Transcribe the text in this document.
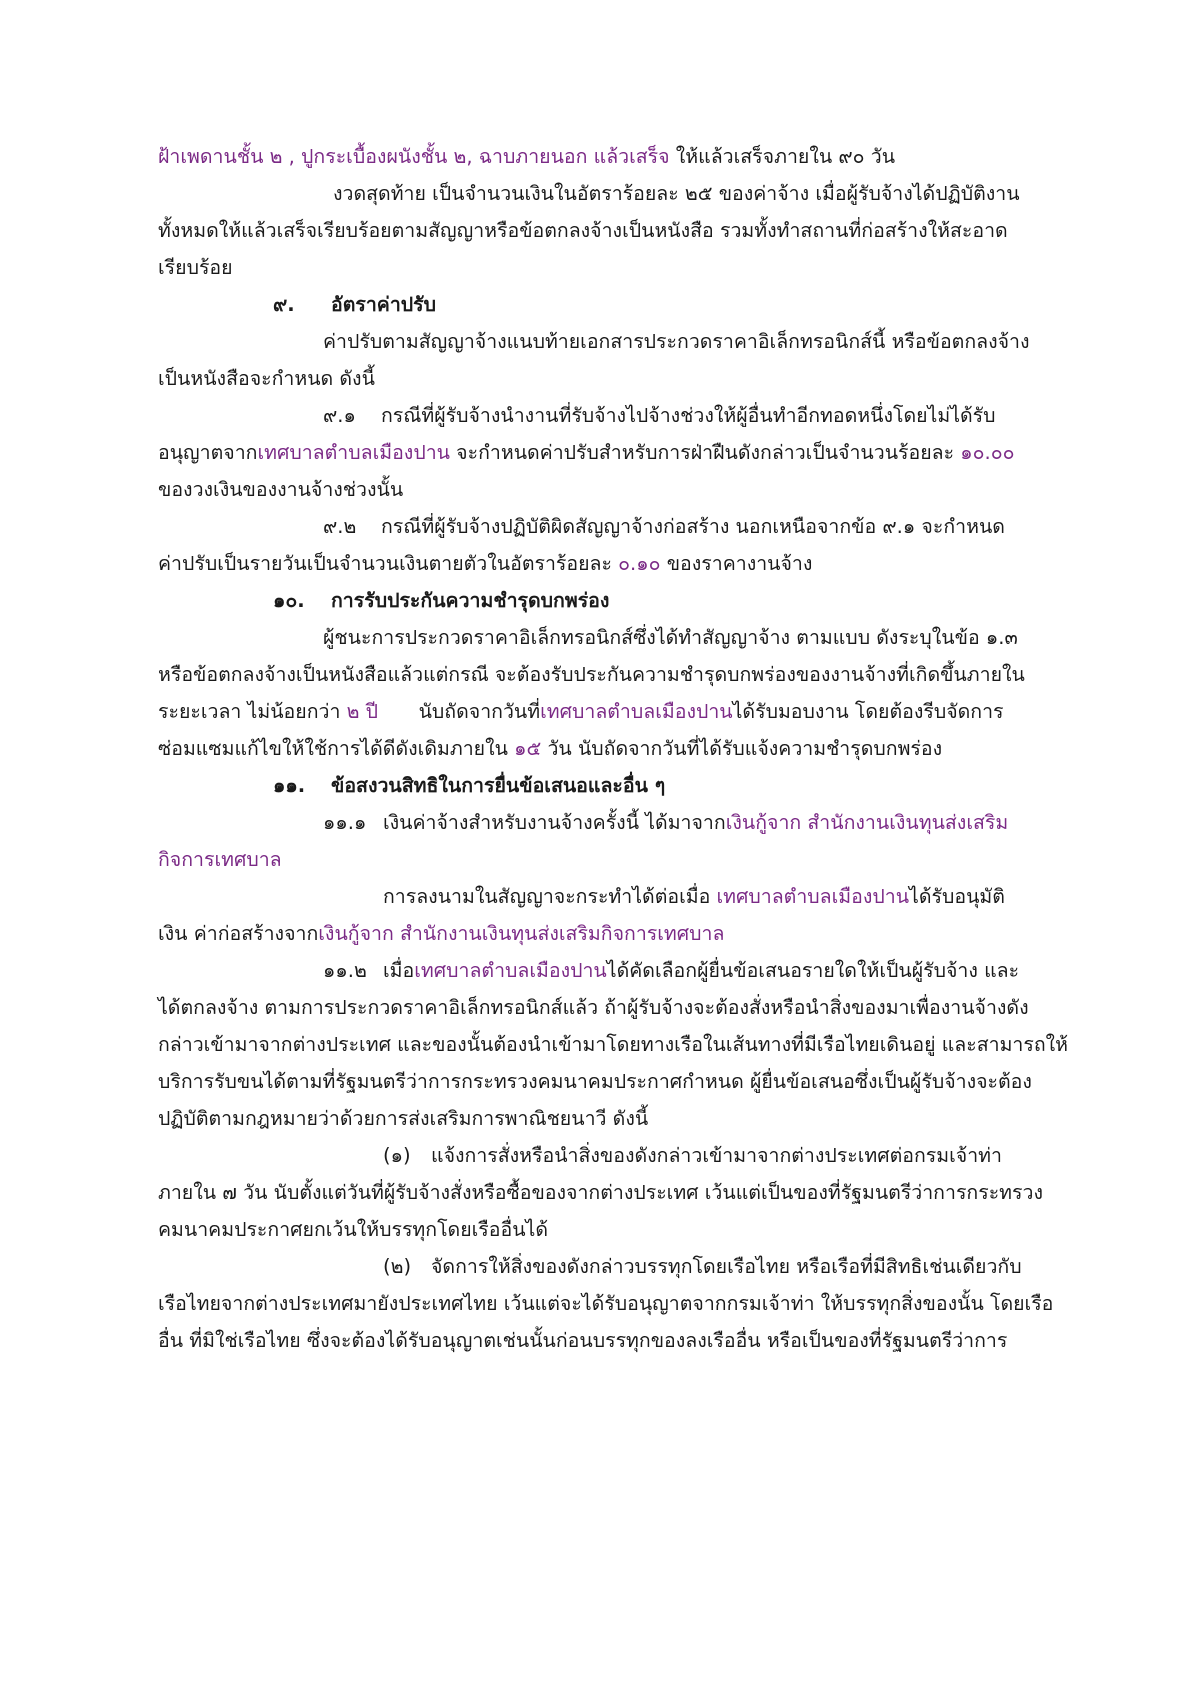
ฝ้าเพดานชั้น ๒ , ปูกระเบื้องผนังชั้น ๒, ฉาบภายนอก แล้วเสร็จ ให้แล้วเสร็จภายใน ๙๐ วัน
งวดสุดท้าย เป็นจำนวนเงินในอัตราร้อยละ ๒๕ ของค่าจ้าง เมื่อผู้รับจ้างได้ปฏิบัติงาน
ทั้งหมดให้แล้วเสร็จเรียบร้อยตามสัญญาหรือข้อตกลงจ้างเป็นหนังสือ รวมทั้งทำสถานที่ก่อสร้างให้สะอาด
เรียบร้อย
๙. อัตราค่าปรับ
ค่าปรับตามสัญญาจ้างแนบท้ายเอกสารประกวดราคาอิเล็กทรอนิกส์นี้ หรือข้อตกลงจ้าง
เป็นหนังสือจะกำหนด ดังนี้
๙.๑ กรณีที่ผู้รับจ้างนำงานที่รับจ้างไปจ้างช่วงให้ผู้อื่นทำอีกทอดหนึ่งโดยไม่ได้รับ
อนุญาตจากเทศบาลตำบลเมืองปาน จะกำหนดค่าปรับสำหรับการฝ่าฝืนดังกล่าวเป็นจำนวนร้อยละ ๑๐.๐๐
ของวงเงินของงานจ้างช่วงนั้น
๙.๒ กรณีที่ผู้รับจ้างปฏิบัติผิดสัญญาจ้างก่อสร้าง นอกเหนือจากข้อ ๙.๑ จะกำหนด
ค่าปรับเป็นรายวันเป็นจำนวนเงินตายตัวในอัตราร้อยละ ๐.๑๐ ของราคางานจ้าง
๑๐. การรับประกันความชำรุดบกพร่อง
ผู้ชนะการประกวดราคาอิเล็กทรอนิกส์ซึ่งได้ทำสัญญาจ้าง ตามแบบ ดังระบุในข้อ ๑.๓
หรือข้อตกลงจ้างเป็นหนังสือแล้วแต่กรณี จะต้องรับประกันความชำรุดบกพร่องของงานจ้างที่เกิดขึ้นภายใน
ระยะเวลา ไม่น้อยกว่า ๒ ปี นับถัดจากวันที่เทศบาลตำบลเมืองปานได้รับมอบงาน โดยต้องรีบจัดการ
ซ่อมแซมแก้ไขให้ใช้การได้ดีดังเดิมภายใน ๑๕ วัน นับถัดจากวันที่ได้รับแจ้งความชำรุดบกพร่อง
๑๑. ข้อสงวนสิทธิในการยื่นข้อเสนอและอื่น ๆ
๑๑.๑ เงินค่าจ้างสำหรับงานจ้างครั้งนี้ ได้มาจากเงินกู้จาก สำนักงานเงินทุนส่งเสริม
กิจการเทศบาล
การลงนามในสัญญาจะกระทำได้ต่อเมื่อ เทศบาลตำบลเมืองปานได้รับอนุมัติ
เงิน ค่าก่อสร้างจากเงินกู้จาก สำนักงานเงินทุนส่งเสริมกิจการเทศบาล
๑๑.๒ เมื่อเทศบาลตำบลเมืองปานได้คัดเลือกผู้ยื่นข้อเสนอรายใดให้เป็นผู้รับจ้าง และ
ได้ตกลงจ้าง ตามการประกวดราคาอิเล็กทรอนิกส์แล้ว ถ้าผู้รับจ้างจะต้องสั่งหรือนำสิ่งของมาเพื่องานจ้างดัง
กล่าวเข้ามาจากต่างประเทศ และของนั้นต้องนำเข้ามาโดยทางเรือในเส้นทางที่มีเรือไทยเดินอยู่ และสามารถให้
บริการรับขนได้ตามที่รัฐมนตรีว่าการกระทรวงคมนาคมประกาศกำหนด ผู้ยื่นข้อเสนอซึ่งเป็นผู้รับจ้างจะต้อง
ปฏิบัติตามกฎหมายว่าด้วยการส่งเสริมการพาณิชยนาวี ดังนี้
(๑) แจ้งการสั่งหรือนำสิ่งของดังกล่าวเข้ามาจากต่างประเทศต่อกรมเจ้าท่า
ภายใน ๗ วัน นับตั้งแต่วันที่ผู้รับจ้างสั่งหรือซื้อของจากต่างประเทศ เว้นแต่เป็นของที่รัฐมนตรีว่าการกระทรวง
คมนาคมประกาศยกเว้นให้บรรทุกโดยเรืออื่นได้
(๒) จัดการให้สิ่งของดังกล่าวบรรทุกโดยเรือไทย หรือเรือที่มีสิทธิเช่นเดียวกับ
เรือไทยจากต่างประเทศมายังประเทศไทย เว้นแต่จะได้รับอนุญาตจากกรมเจ้าท่า ให้บรรทุกสิ่งของนั้น โดยเรือ
อื่น ที่มิใช่เรือไทย ซึ่งจะต้องได้รับอนุญาตเช่นนั้นก่อนบรรทุกของลงเรืออื่น หรือเป็นของที่รัฐมนตรีว่าการ
